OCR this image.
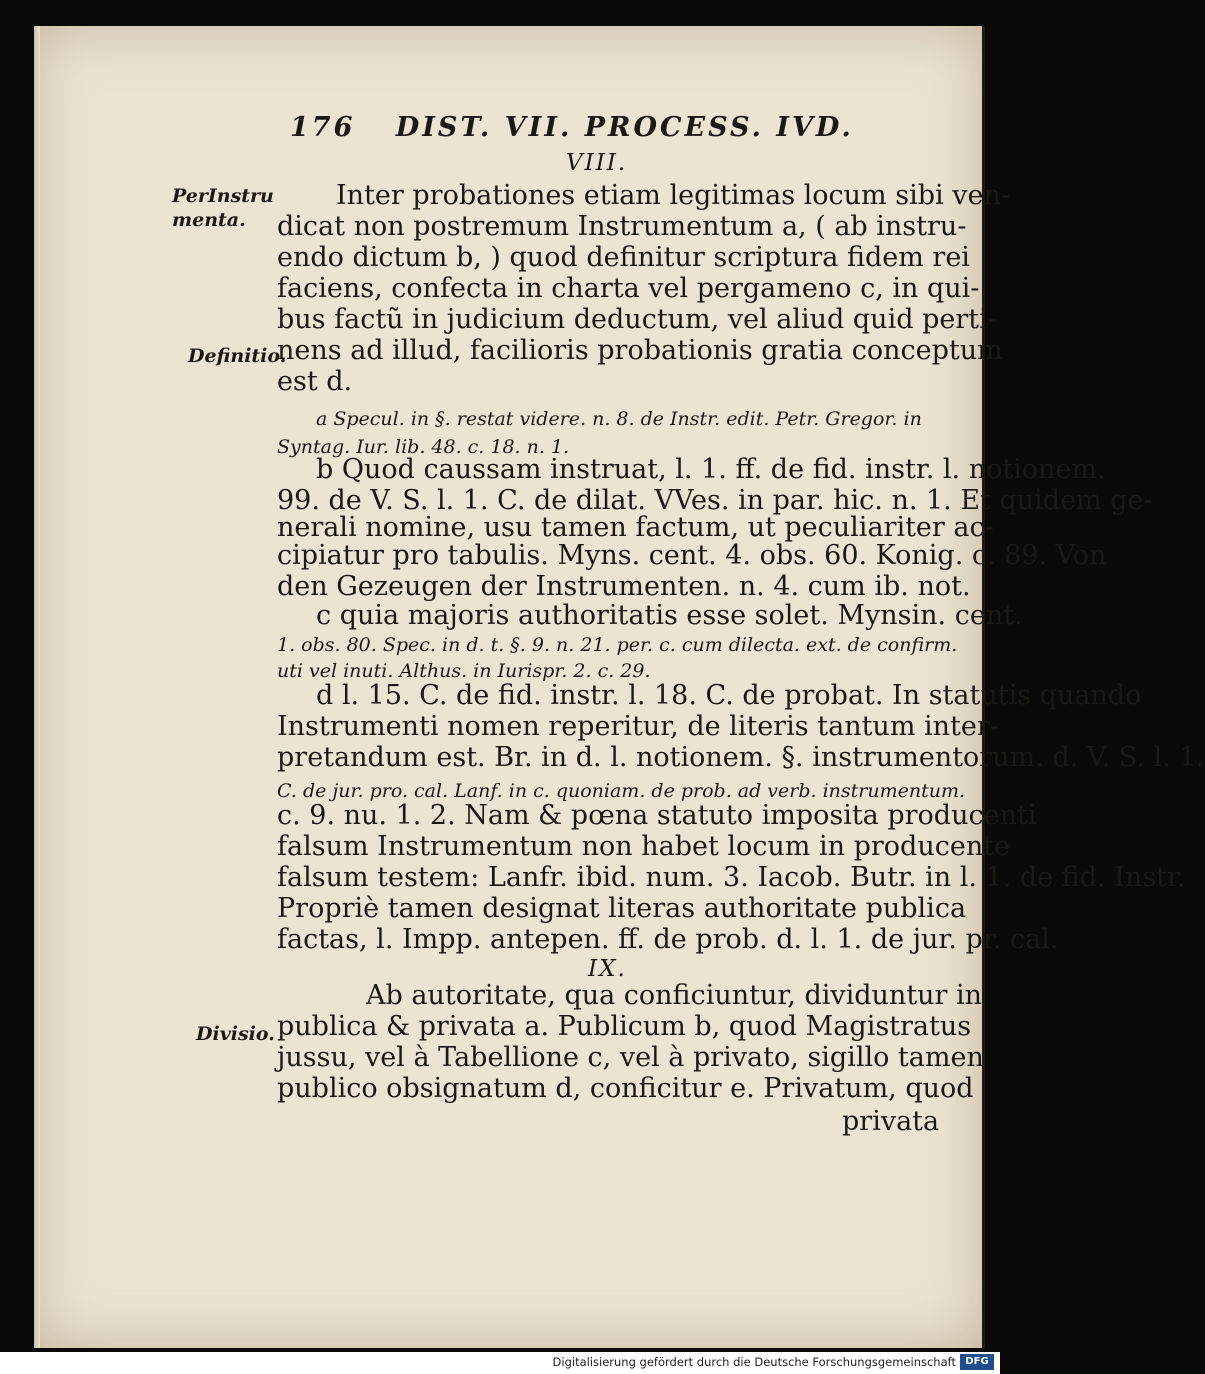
176 DIST. VII. PROCESS. IVD.
VIII.
IX.
PerInstru menta.
Definitio.
Divisio.
Inter probationes etiam legitimas locum sibi ven-
dicat non postremum Instrumentum a, ( ab instru-
endo dictum b, ) quod definitur scriptura fidem rei
faciens, confecta in charta vel pergameno c, in qui-
bus factũ in judicium deductum, vel aliud quid perti-
nens ad illud, facilioris probationis gratia conceptum
est d.
a Specul. in §. restat videre. n. 8. de Instr. edit. Petr. Gregor. in
Syntag. Iur. lib. 48. c. 18. n. 1.
b Quod caussam instruat, l. 1. ff. de fid. instr. l. notionem.
99. de V. S. l. 1. C. de dilat. VVes. in par. hic. n. 1. Et quidem ge-
nerali nomine, usu tamen factum, ut peculiariter ac-
cipiatur pro tabulis. Myns. cent. 4. obs. 60. Konig. c. 89. Von
den Gezeugen der Instrumenten. n. 4. cum ib. not.
c quia majoris authoritatis esse solet. Mynsin. cent.
1. obs. 80. Spec. in d. t. §. 9. n. 21. per. c. cum dilecta. ext. de confirm.
uti vel inuti. Althus. in Iurispr. 2. c. 29.
d l. 15. C. de fid. instr. l. 18. C. de probat. In statutis quando
Instrumenti nomen reperitur, de literis tantum inter-
pretandum est. Br. in d. l. notionem. §. instrumentorum. d. V. S. l. 1.
C. de jur. pro. cal. Lanf. in c. quoniam. de prob. ad verb. instrumentum.
c. 9. nu. 1. 2. Nam & pœna statuto imposita producenti
falsum Instrumentum non habet locum in producente
falsum testem: Lanfr. ibid. num. 3. Iacob. Butr. in l. 1. de fid. Instr.
Propriè tamen designat literas authoritate publica
factas, l. Impp. antepen. ff. de prob. d. l. 1. de jur. pr. cal.
Ab autoritate, qua conficiuntur, dividuntur in
publica & privata a. Publicum b, quod Magistratus
jussu, vel à Tabellione c, vel à privato, sigillo tamen
publico obsignatum d, conficitur e. Privatum, quod
privata
Digitalisierung gefördert durch die Deutsche Forschungsgemeinschaft DFG
